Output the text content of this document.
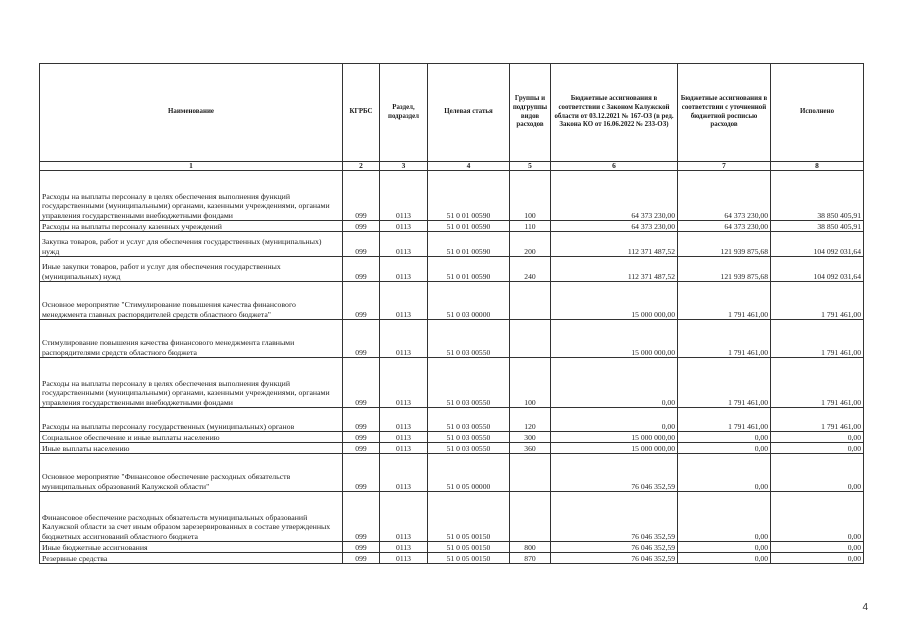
Наименование	КГРБС	Раздел, подраздел	Целевая статья	Группы и подгруппы видов расходов	Бюджетные ассигнования в соответствии с Законом Калужской области от 03.12.2021 № 167-ОЗ (в ред. Закона КО от 16.06.2022 № 233-ОЗ)	Бюджетные ассигнования в соответствии с уточненной бюджетной росписью расходов	Исполнено
1	2	3	4	5	6	7	8
Расходы на выплаты персоналу в целях обеспечения выполнения функций государственными (муниципальными) органами, казенными учреждениями, органами управления государственными внебюджетными фондами	099	0113	51 0 01 00590	100	64 373 230,00	64 373 230,00	38 850 405,91
Расходы на выплаты персоналу казенных учреждений	099	0113	51 0 01 00590	110	64 373 230,00	64 373 230,00	38 850 405,91
Закупка товаров, работ и услуг для обеспечения государственных (муниципальных) нужд	099	0113	51 0 01 00590	200	112 371 487,52	121 939 875,68	104 092 031,64
Иные закупки товаров, работ и услуг для обеспечения государственных (муниципальных) нужд	099	0113	51 0 01 00590	240	112 371 487,52	121 939 875,68	104 092 031,64
Основное мероприятие "Стимулирование повышения качества финансового менеджмента главных распорядителей средств областного бюджета"	099	0113	51 0 03 00000		15 000 000,00	1 791 461,00	1 791 461,00
Стимулирование повышения качества финансового менеджмента главными распорядителями средств областного бюджета	099	0113	51 0 03 00550		15 000 000,00	1 791 461,00	1 791 461,00
Расходы на выплаты персоналу в целях обеспечения выполнения функций государственными (муниципальными) органами, казенными учреждениями, органами управления государственными внебюджетными фондами	099	0113	51 0 03 00550	100	0,00	1 791 461,00	1 791 461,00
Расходы на выплаты персоналу государственных (муниципальных) органов	099	0113	51 0 03 00550	120	0,00	1 791 461,00	1 791 461,00
Социальное обеспечение и иные выплаты населению	099	0113	51 0 03 00550	300	15 000 000,00	0,00	0,00
Иные выплаты населению	099	0113	51 0 03 00550	360	15 000 000,00	0,00	0,00
Основное мероприятие "Финансовое обеспечение расходных обязательств муниципальных образований Калужской области"	099	0113	51 0 05 00000		76 046 352,59	0,00	0,00
Финансовое обеспечение расходных обязательств муниципальных образований Калужской области за счет иным образом зарезервированных в составе утвержденных бюджетных ассигнований областного бюджета	099	0113	51 0 05 00150		76 046 352,59	0,00	0,00
Иные бюджетные ассигнования	099	0113	51 0 05 00150	800	76 046 352,59	0,00	0,00
Резервные средства	099	0113	51 0 05 00150	870	76 046 352,59	0,00	0,00
4
